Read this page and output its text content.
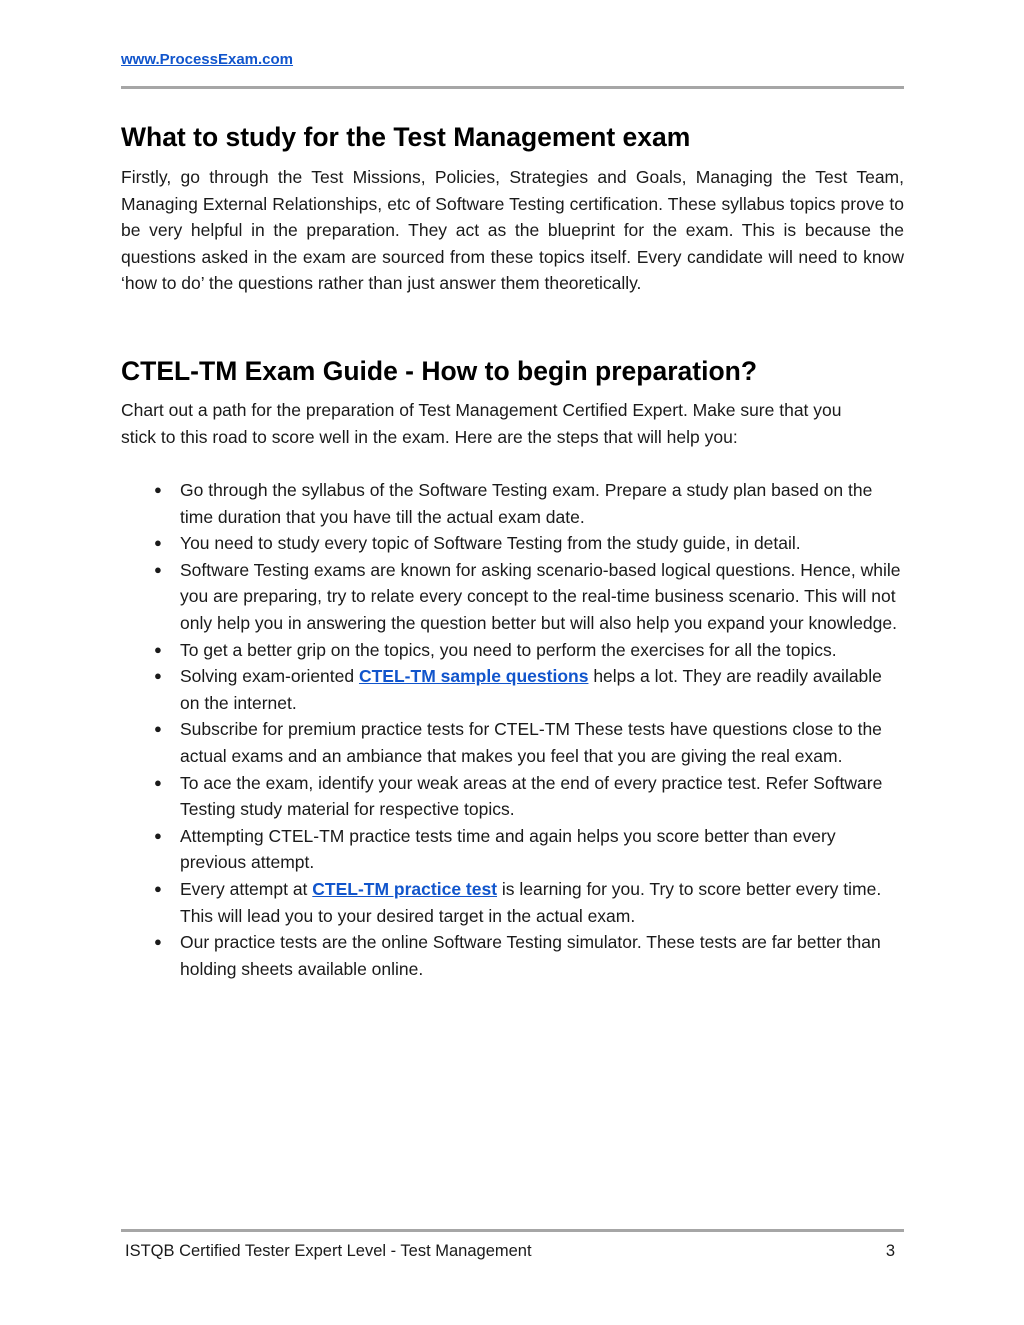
www.ProcessExam.com
What to study for the Test Management exam
Firstly, go through the Test Missions, Policies, Strategies and Goals, Managing the Test Team, Managing External Relationships, etc of Software Testing certification. These syllabus topics prove to be very helpful in the preparation. They act as the blueprint for the exam. This is because the questions asked in the exam are sourced from these topics itself. Every candidate will need to know ‘how to do’ the questions rather than just answer them theoretically.
CTEL-TM Exam Guide - How to begin preparation?
Chart out a path for the preparation of Test Management Certified Expert. Make sure that you stick to this road to score well in the exam. Here are the steps that will help you:
● Go through the syllabus of the Software Testing exam. Prepare a study plan based on the time duration that you have till the actual exam date.
● You need to study every topic of Software Testing from the study guide, in detail.
● Software Testing exams are known for asking scenario-based logical questions. Hence, while you are preparing, try to relate every concept to the real-time business scenario. This will not only help you in answering the question better but will also help you expand your knowledge.
● To get a better grip on the topics, you need to perform the exercises for all the topics.
● Solving exam-oriented CTEL-TM sample questions helps a lot. They are readily available on the internet.
● Subscribe for premium practice tests for CTEL-TM These tests have questions close to the actual exams and an ambiance that makes you feel that you are giving the real exam.
● To ace the exam, identify your weak areas at the end of every practice test. Refer Software Testing study material for respective topics.
● Attempting CTEL-TM practice tests time and again helps you score better than every previous attempt.
● Every attempt at CTEL-TM practice test is learning for you. Try to score better every time. This will lead you to your desired target in the actual exam.
● Our practice tests are the online Software Testing simulator. These tests are far better than holding sheets available online.
ISTQB Certified Tester Expert Level - Test Management	3
